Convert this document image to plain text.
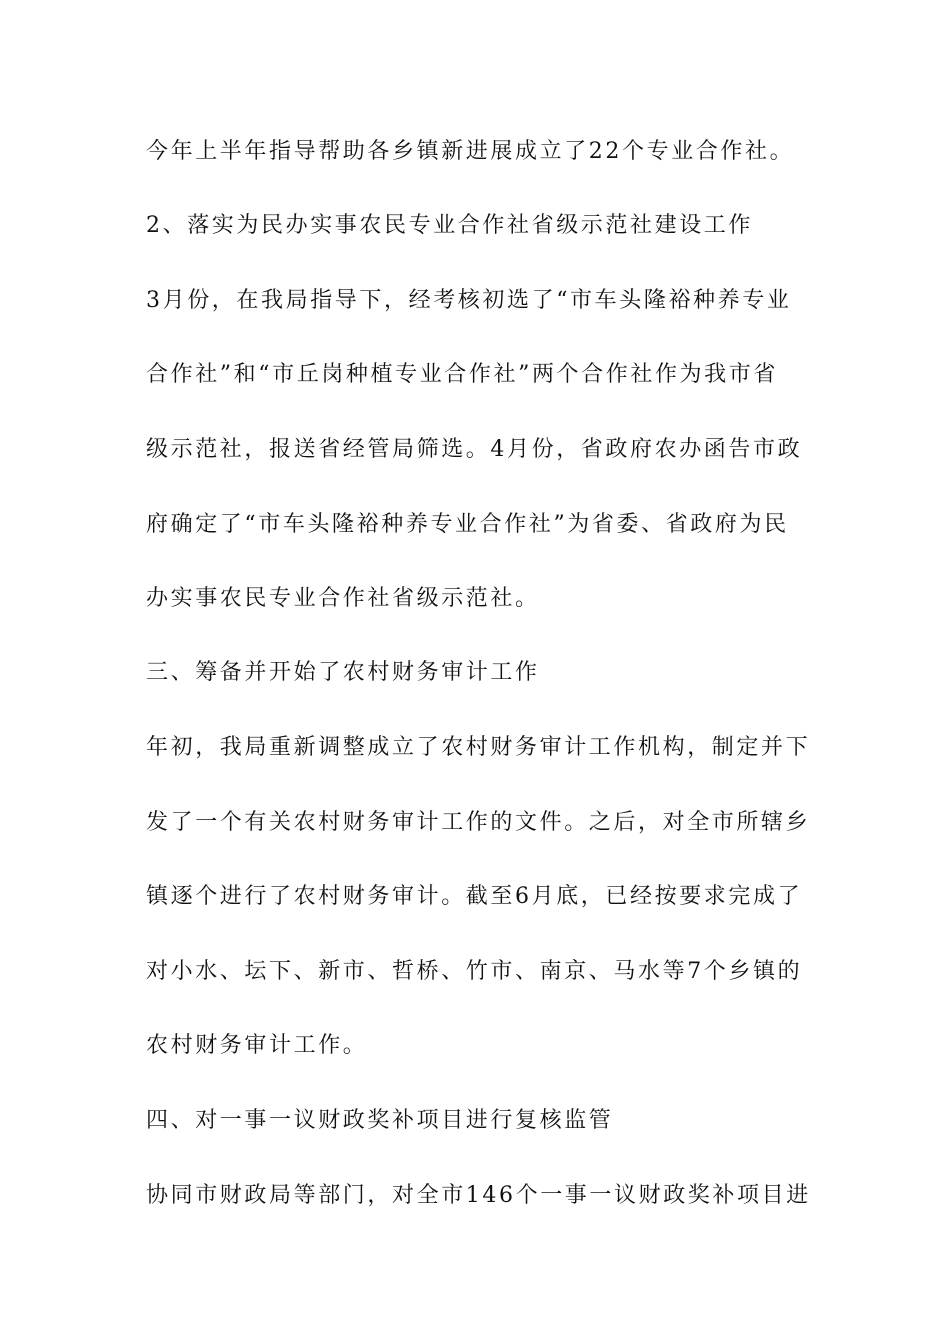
今年上半年指导帮助各乡镇新进展成立了22个专业合作社。
2、落实为民办实事农民专业合作社省级示范社建设工作
3月份，在我局指导下，经考核初选了“市车头隆裕种养专业
合作社”和“市丘岗种植专业合作社”两个合作社作为我市省
级示范社，报送省经管局筛选。4月份，省政府农办函告市政
府确定了“市车头隆裕种养专业合作社”为省委、省政府为民
办实事农民专业合作社省级示范社。
三、筹备并开始了农村财务审计工作
年初，我局重新调整成立了农村财务审计工作机构，制定并下
发了一个有关农村财务审计工作的文件。之后，对全市所辖乡
镇逐个进行了农村财务审计。截至6月底，已经按要求完成了
对小水、坛下、新市、哲桥、竹市、南京、马水等7个乡镇的
农村财务审计工作。
四、对一事一议财政奖补项目进行复核监管
协同市财政局等部门，对全市146个一事一议财政奖补项目进
